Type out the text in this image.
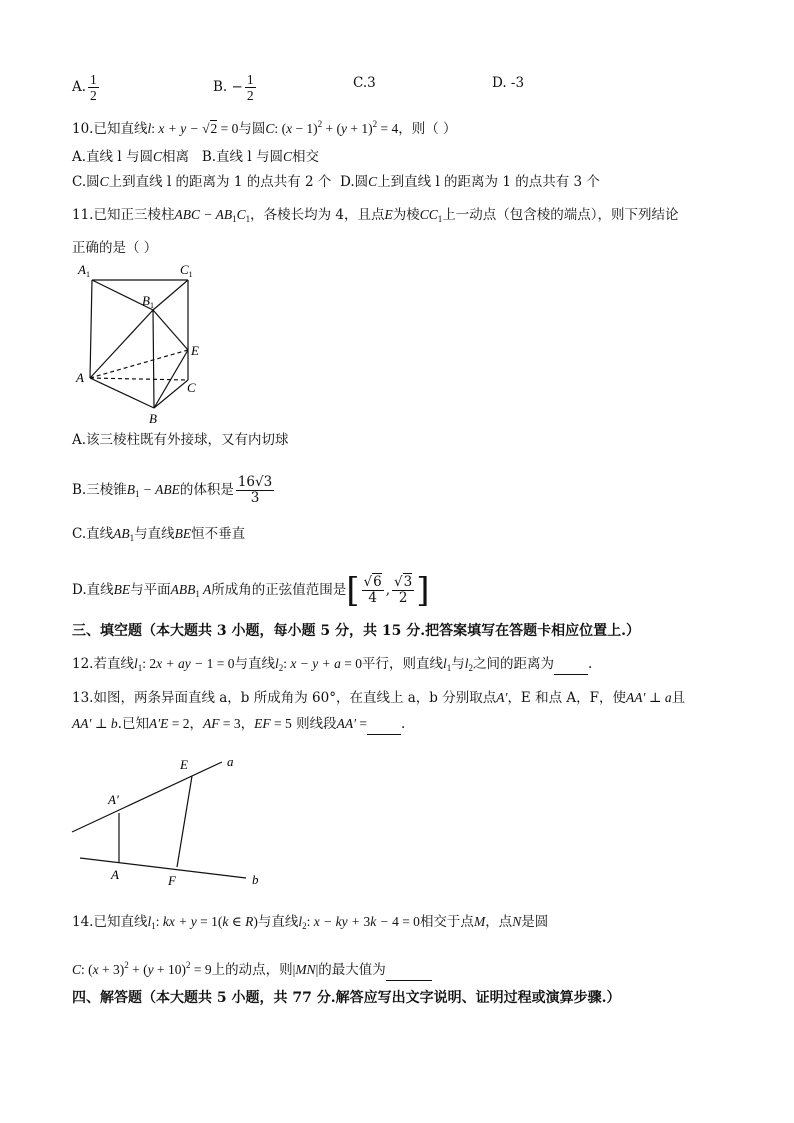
A. $\frac{1}{2}$	B. − $\frac{1}{2}$	C.3	D. -3
10.已知直线l: x + y − √2 = 0与圆C: $(x - 1)^2 + (y + 1)^2 = 4$，则（ ）
A.直线 l 与圆C相离 B.直线 l 与圆C相交
C.圆C上到直线 l 的距离为 1 的点共有 2 个 D.圆C上到直线 l 的距离为 1 的点共有 3 个
11.已知正三棱柱ABC − $AB_1C_1$，各棱长均为 4，且点E为棱$CC_1$上一动点（包含棱的端点），则下列结论
正确的是（ ）
$A_1$	$C_1$
$B_1$
E
A
C
B
A.该三棱柱既有外接球，又有内切球
B.三棱锥$B_1$ − ABE的体积是 $\frac{16√3}{3}$
C.直线$AB_1$与直线BE恒不垂直
D.直线BE与平面$ABB_1$ A所成角的正弦值范围是[ $\frac{√6}{4}$ , $\frac{√3}{2}$ ]
三、填空题（本大题共 3 小题，每小题 5 分，共 15 分.把答案填写在答题卡相应位置上.）
12.若直线$l_1$: 2x + ay − 1 = 0与直线$l_2$: x − y + a = 0平行，则直线$l_1$与$l_2$之间的距离为	.
13.如图，两条异面直线 a，b 所成角为 60°，在直线上 a，b 分别取点A′，E 和点 A，F，使AA′ ⊥ a且
AA′ ⊥ b.已知A′E = 2，AF = 3，EF = 5 则线段AA′ =	.
E	a
A′
A	F	b
14.已知直线$l_1$: kx + y = 1(k ∈ R)与直线$l_2$: x − ky + 3k − 4 = 0相交于点M，点N是圆
C: $(x + 3)^2 + (y + 10)^2 = 9$上的动点，则|MN|的最大值为
四、解答题（本大题共 5 小题，共 77 分.解答应写出文字说明、证明过程或演算步骤.）
